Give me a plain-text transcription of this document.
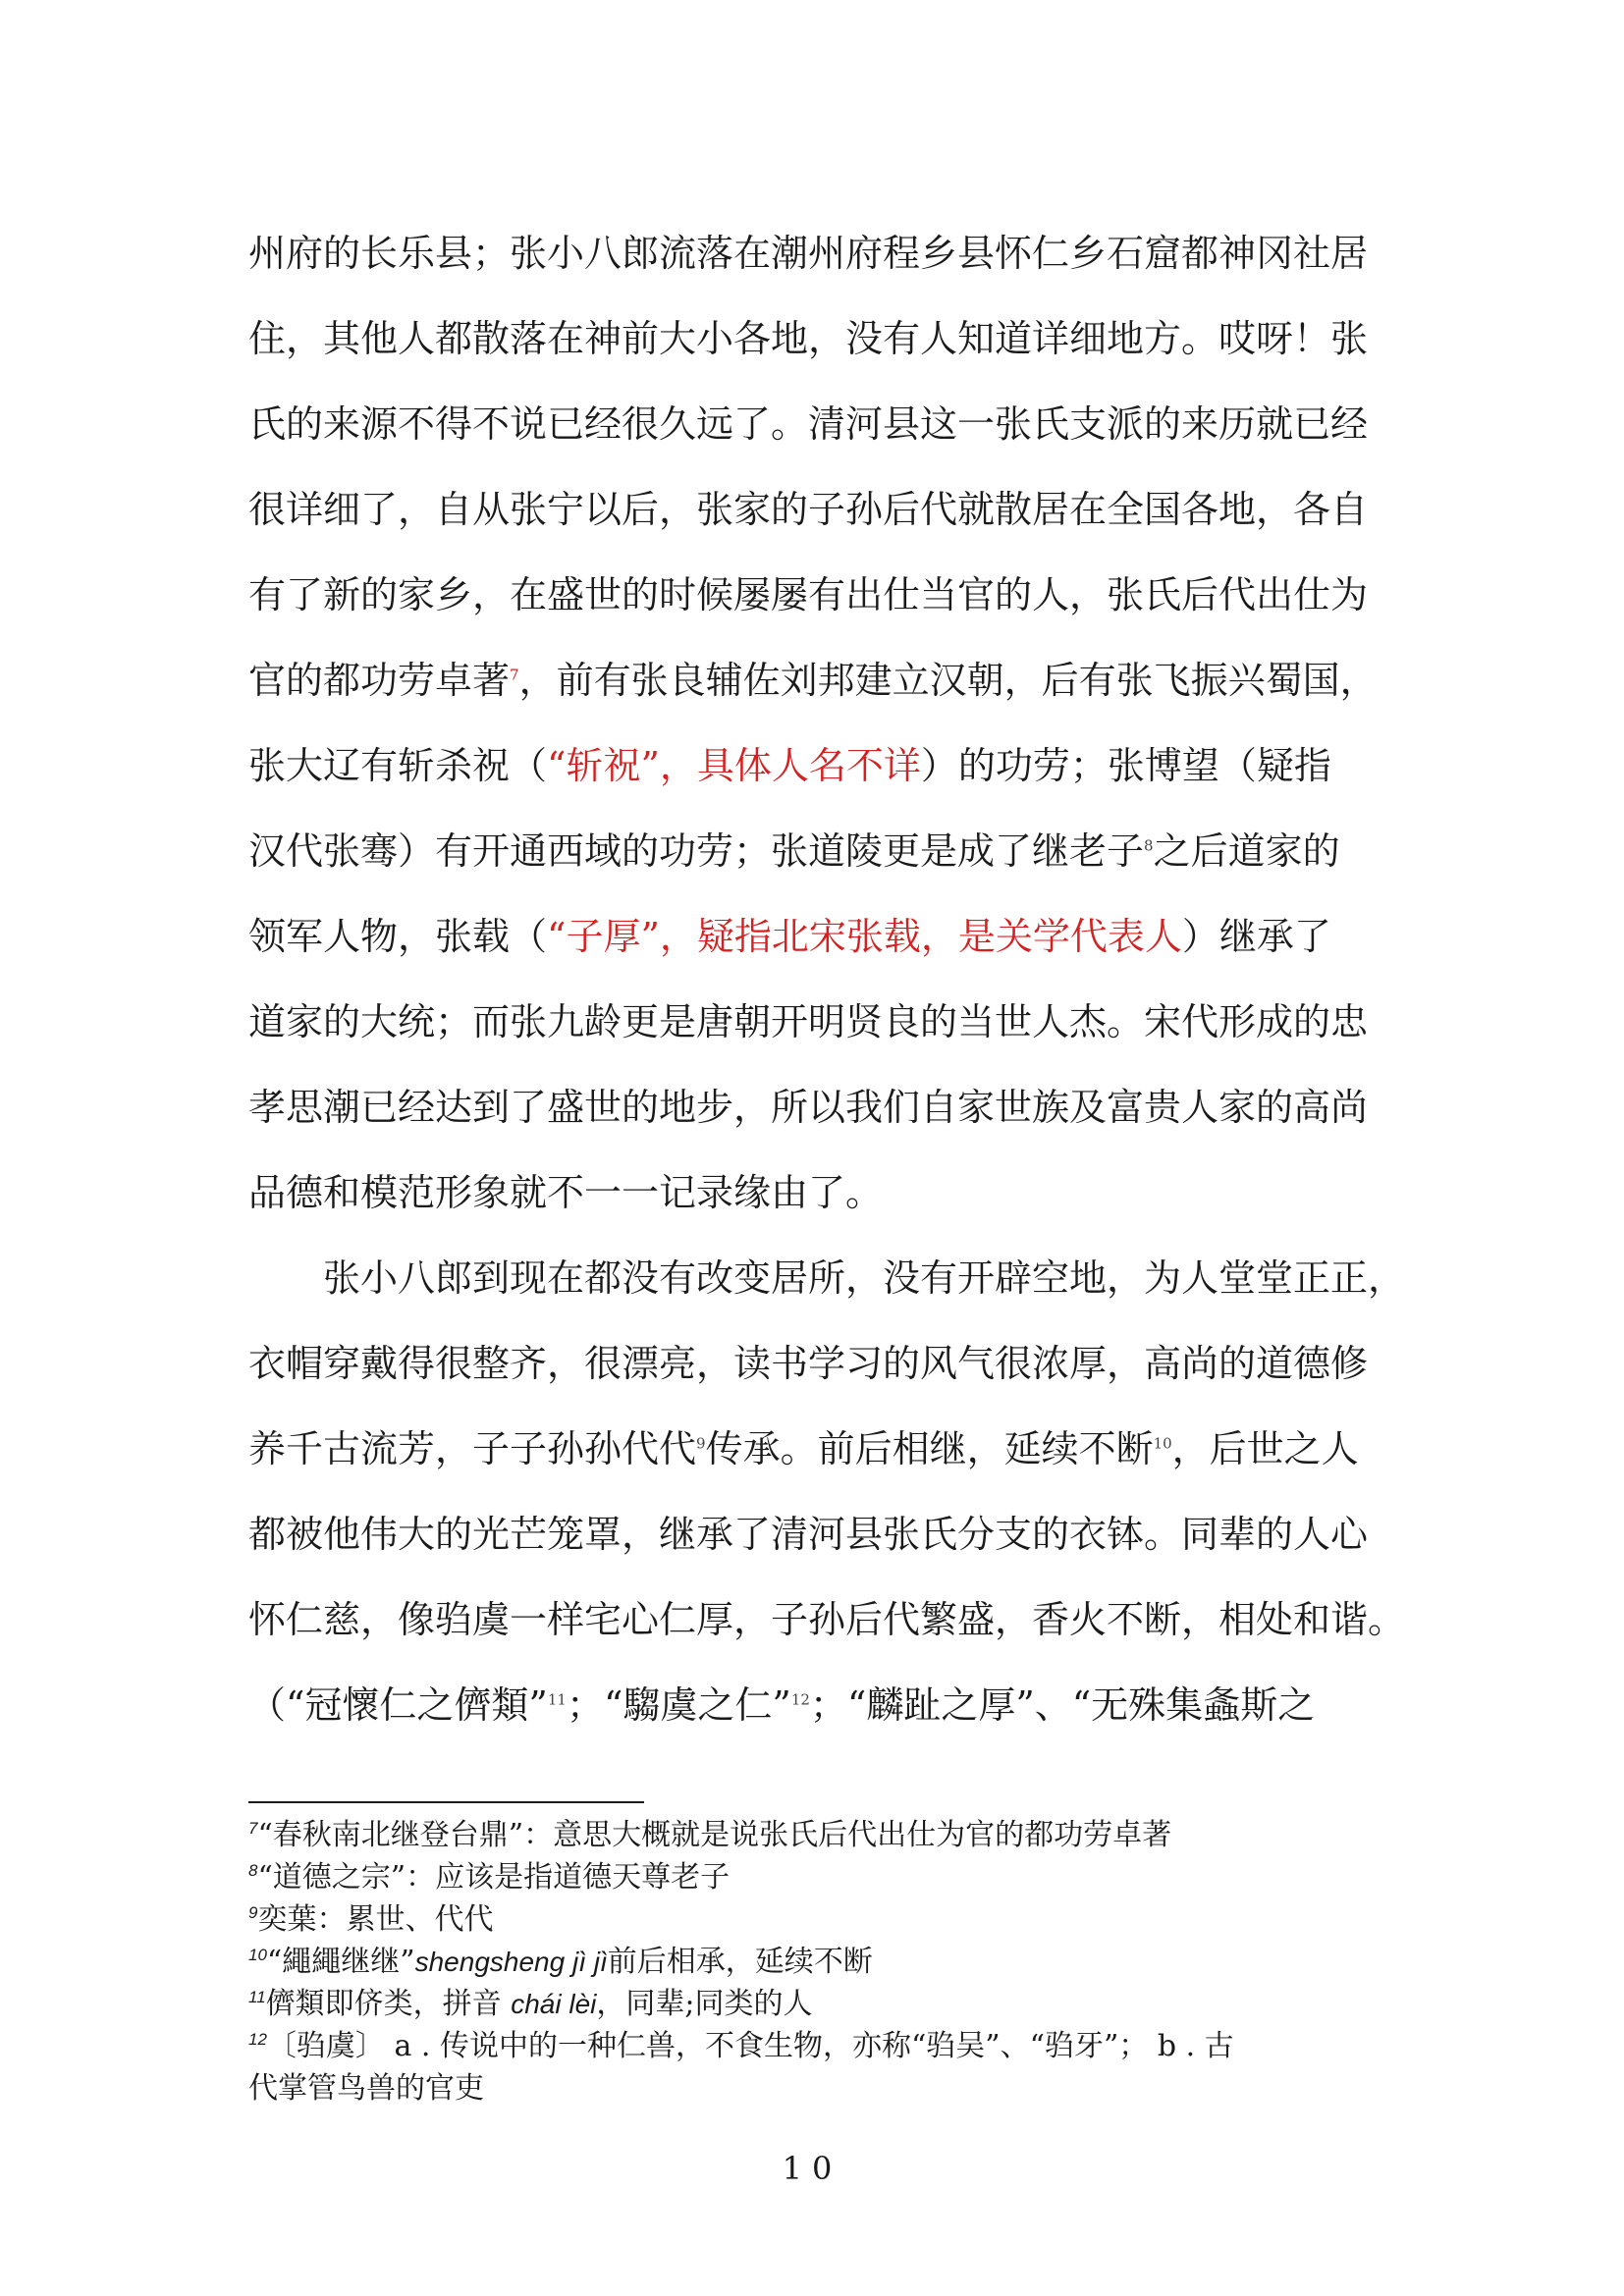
州府的长乐县；张小八郎流落在潮州府程乡县怀仁乡石窟都神冈社居
住，其他人都散落在神前大小各地，没有人知道详细地方。哎呀！张
氏的来源不得不说已经很久远了。清河县这一张氏支派的来历就已经
很详细了，自从张宁以后，张家的子孙后代就散居在全国各地，各自
有了新的家乡，在盛世的时候屡屡有出仕当官的人，张氏后代出仕为
官的都功劳卓著$^7$，前有张良辅佐刘邦建立汉朝，后有张飞振兴蜀国，
张大辽有斩杀祝（“斩祝”，具体人名不详）的功劳；张博望（疑指
汉代张骞）有开通西域的功劳；张道陵更是成了继老子$^8$之后道家的
领军人物，张载（“子厚”，疑指北宋张载，是关学代表人）继承了
道家的大统；而张九龄更是唐朝开明贤良的当世人杰。宋代形成的忠
孝思潮已经达到了盛世的地步，所以我们自家世族及富贵人家的高尚
品德和模范形象就不一一记录缘由了。
张小八郎到现在都没有改变居所，没有开辟空地，为人堂堂正正，
衣帽穿戴得很整齐，很漂亮，读书学习的风气很浓厚，高尚的道德修
养千古流芳，子子孙孙代代$^9$传承。前后相继，延续不断$^{10}$，后世之人
都被他伟大的光芒笼罩，继承了清河县张氏分支的衣钵。同辈的人心
怀仁慈，像驺虞一样宅心仁厚，子孙后代繁盛，香火不断，相处和谐。
（“冠懷仁之儕類”$^{11}$；“騶虞之仁”$^{12}$；“麟趾之厚”、“无殊集螽斯之
$^7$“春秋南北继登台鼎”：意思大概就是说张氏后代出仕为官的都功劳卓著
$^8$“道德之宗”：应该是指道德天尊老子
$^9$奕葉：累世、代代
$^{10}$“繩繩继继”shengsheng jì jì前后相承，延续不断
$^{11}$儕類即侪类，拼音 chái lèi，同辈;同类的人
$^{12}$〔驺虞〕 a . 传说中的一种仁兽，不食生物，亦称“驺吴”、“驺牙”； b . 古
代掌管鸟兽的官吏
10
